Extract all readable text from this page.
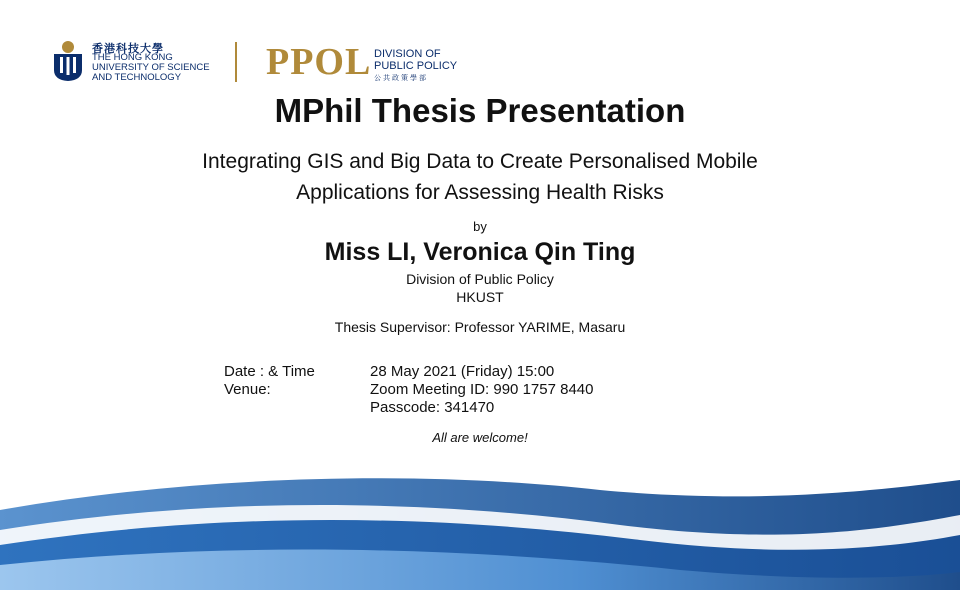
香港科技大學
THE HONG KONG
UNIVERSITY OF SCIENCE
AND TECHNOLOGY	PPOL DIVISION OF
PUBLIC POLICY
公共政策學部
MPhil Thesis Presentation
Integrating GIS and Big Data to Create Personalised Mobile
Applications for Assessing Health Risks
by
Miss LI, Veronica Qin Ting
Division of Public Policy
HKUST
Thesis Supervisor: Professor YARIME, Masaru
Date : & Time	28 May 2021 (Friday) 15:00
Venue:	Zoom Meeting ID: 990 1757 8440
Passcode: 341470
All are welcome!
